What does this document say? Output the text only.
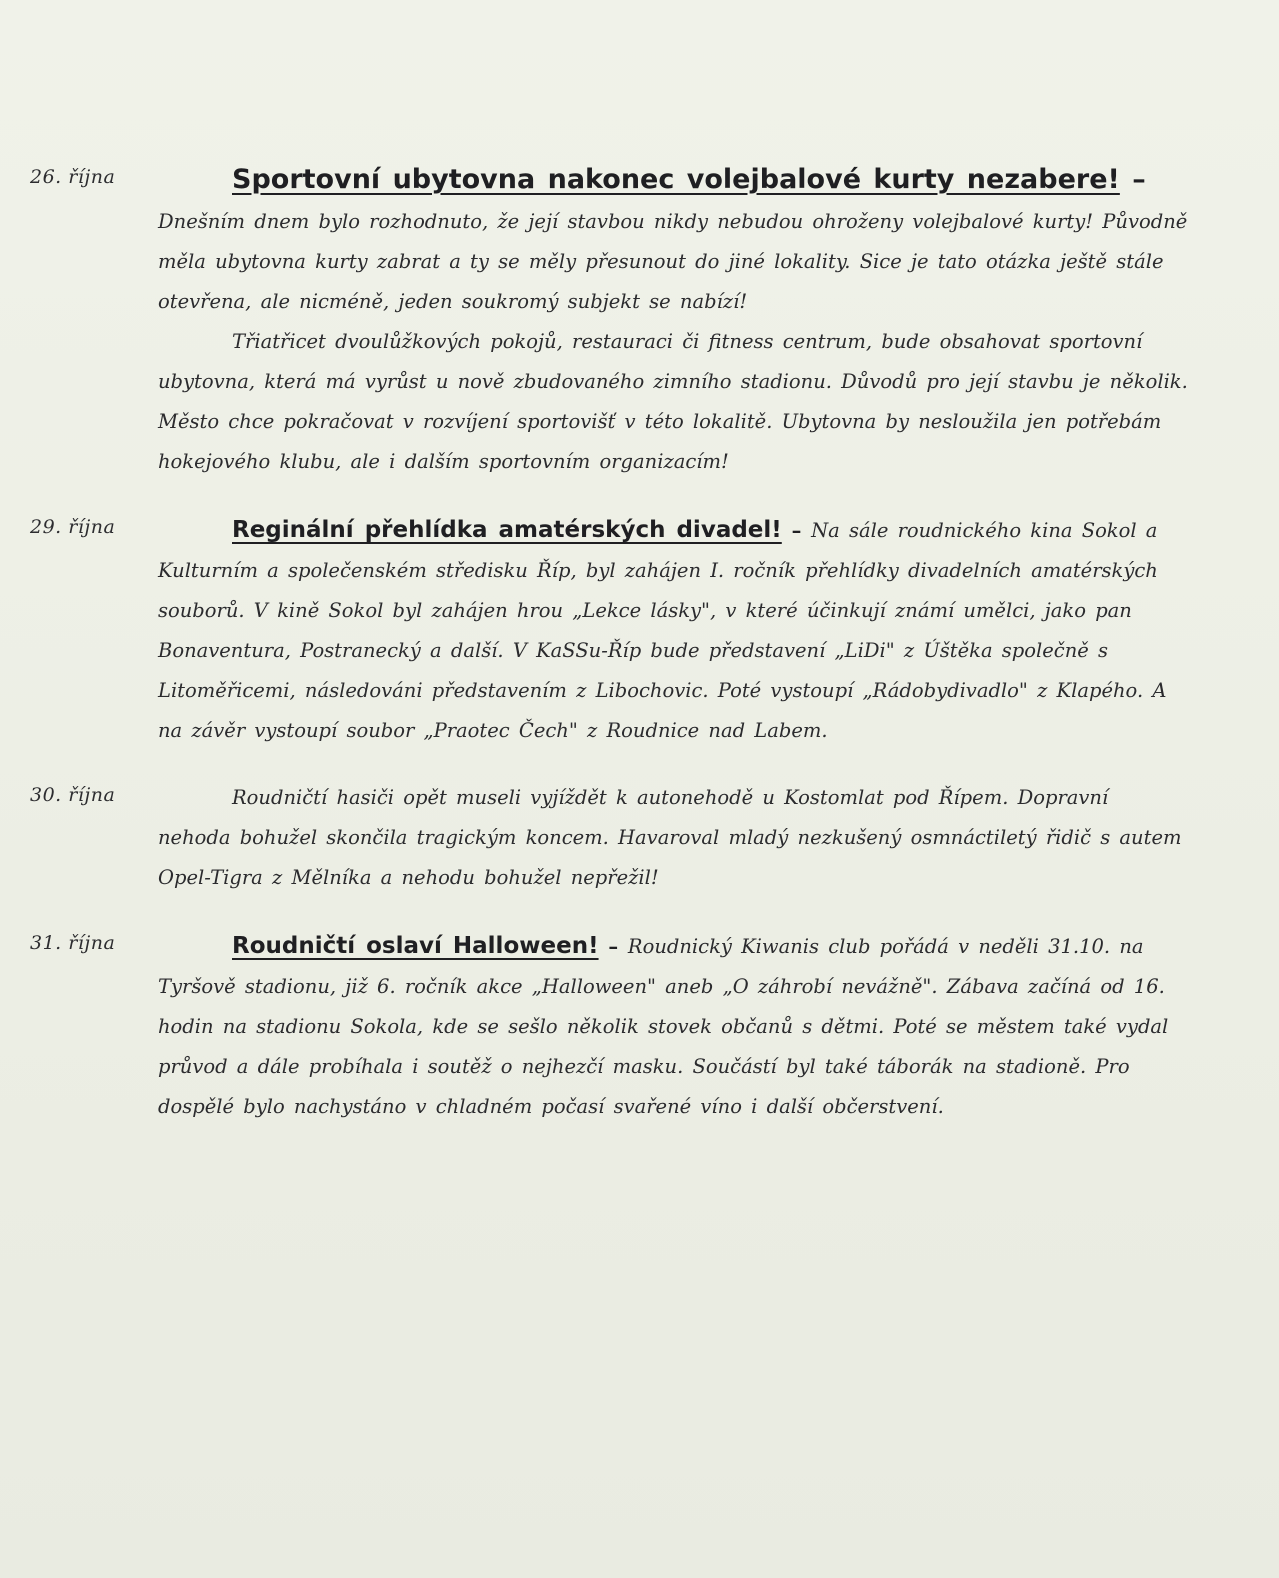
26. října	Sportovní ubytovna nakonec volejbalové kurty nezabere! –

Dnešním dnem bylo rozhodnuto, že její stavbou nikdy nebudou ohroženy volejbalové kurty! Původně měla ubytovna kurty zabrat a ty se měly přesunout do jiné lokality. Sice je tato otázka ještě stále otevřena, ale nicméně, jeden soukromý subjekt se nabízí!

Třiatřicet dvoulůžkových pokojů, restauraci či fitness centrum, bude obsahovat sportovní ubytovna, která má vyrůst u nově zbudovaného zimního stadionu. Důvodů pro její stavbu je několik. Město chce pokračovat v rozvíjení sportovišť v této lokalitě. Ubytovna by nesloužila jen potřebám hokejového klubu, ale i dalším sportovním organizacím!

29. října	Reginální přehlídka amatérských divadel! – Na sále roudnického kina Sokol a Kulturním a společenském středisku Říp, byl zahájen I. ročník přehlídky divadelních amatérských souborů. V kině Sokol byl zahájen hrou „Lekce lásky", v které účinkují známí umělci, jako pan Bonaventura, Postranecký a další. V KaSSu-Říp bude představení „LiDi" z Úštěka společně s Litoměřicemi, následováni představením z Libochovic. Poté vystoupí „Rádobydivadlo" z Klapého. A na závěr vystoupí soubor „Praotec Čech" z Roudnice nad Labem.

30. října	Roudničtí hasiči opět museli vyjíždět k autonehodě u Kostomlat pod Řípem. Dopravní nehoda bohužel skončila tragickým koncem. Havaroval mladý nezkušený osmnáctiletý řidič s autem Opel-Tigra z Mělníka a nehodu bohužel nepřežil!

31. října	Roudničtí oslaví Halloween! – Roudnický Kiwanis club pořádá v neděli 31.10. na Tyršově stadionu, již 6. ročník akce „Halloween" aneb „O záhrobí nevážně". Zábava začíná od 16. hodin na stadionu Sokola, kde se sešlo několik stovek občanů s dětmi. Poté se městem také vydal průvod a dále probíhala i soutěž o nejhezčí masku. Součástí byl také táborák na stadioně. Pro dospělé bylo nachystáno v chladném počasí svařené víno i další občerstvení.
